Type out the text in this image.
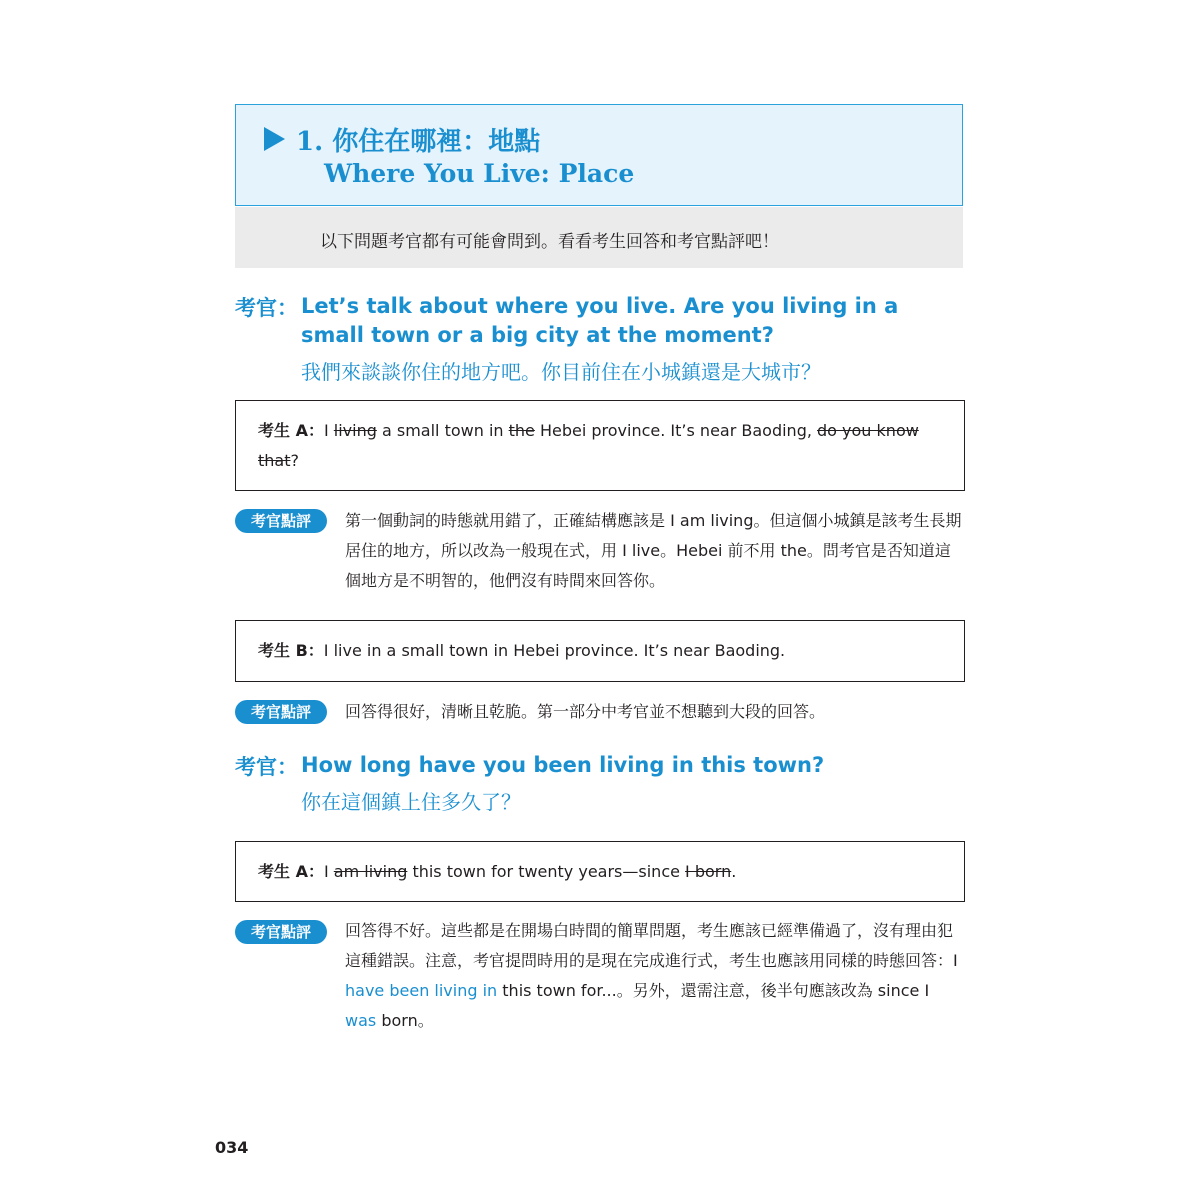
1. 你住在哪裡：地點
Where You Live: Place
以下問題考官都有可能會問到。看看考生回答和考官點評吧！
考官： Let’s talk about where you live. Are you living in a small town or a big city at the moment?
我們來談談你住的地方吧。你目前住在小城鎮還是大城市？
考生 A：I living a small town in the Hebei province. It’s near Baoding, do you know that?
考官點評	第一個動詞的時態就用錯了，正確結構應該是 I am living。但這個小城鎮是該考生長期居住的地方，所以改為一般現在式，用 I live。Hebei 前不用 the。問考官是否知道這個地方是不明智的，他們沒有時間來回答你。
考生 B：I live in a small town in Hebei province. It’s near Baoding.
考官點評	回答得很好，清晰且乾脆。第一部分中考官並不想聽到大段的回答。
考官： How long have you been living in this town?
你在這個鎮上住多久了？
考生 A：I am living this town for twenty years—since I born.
考官點評	回答得不好。這些都是在開場白時間的簡單問題，考生應該已經準備過了，沒有理由犯這種錯誤。注意，考官提問時用的是現在完成進行式，考生也應該用同樣的時態回答：I have been living in this town for...。另外，還需注意，後半句應該改為 since I was born。
034
